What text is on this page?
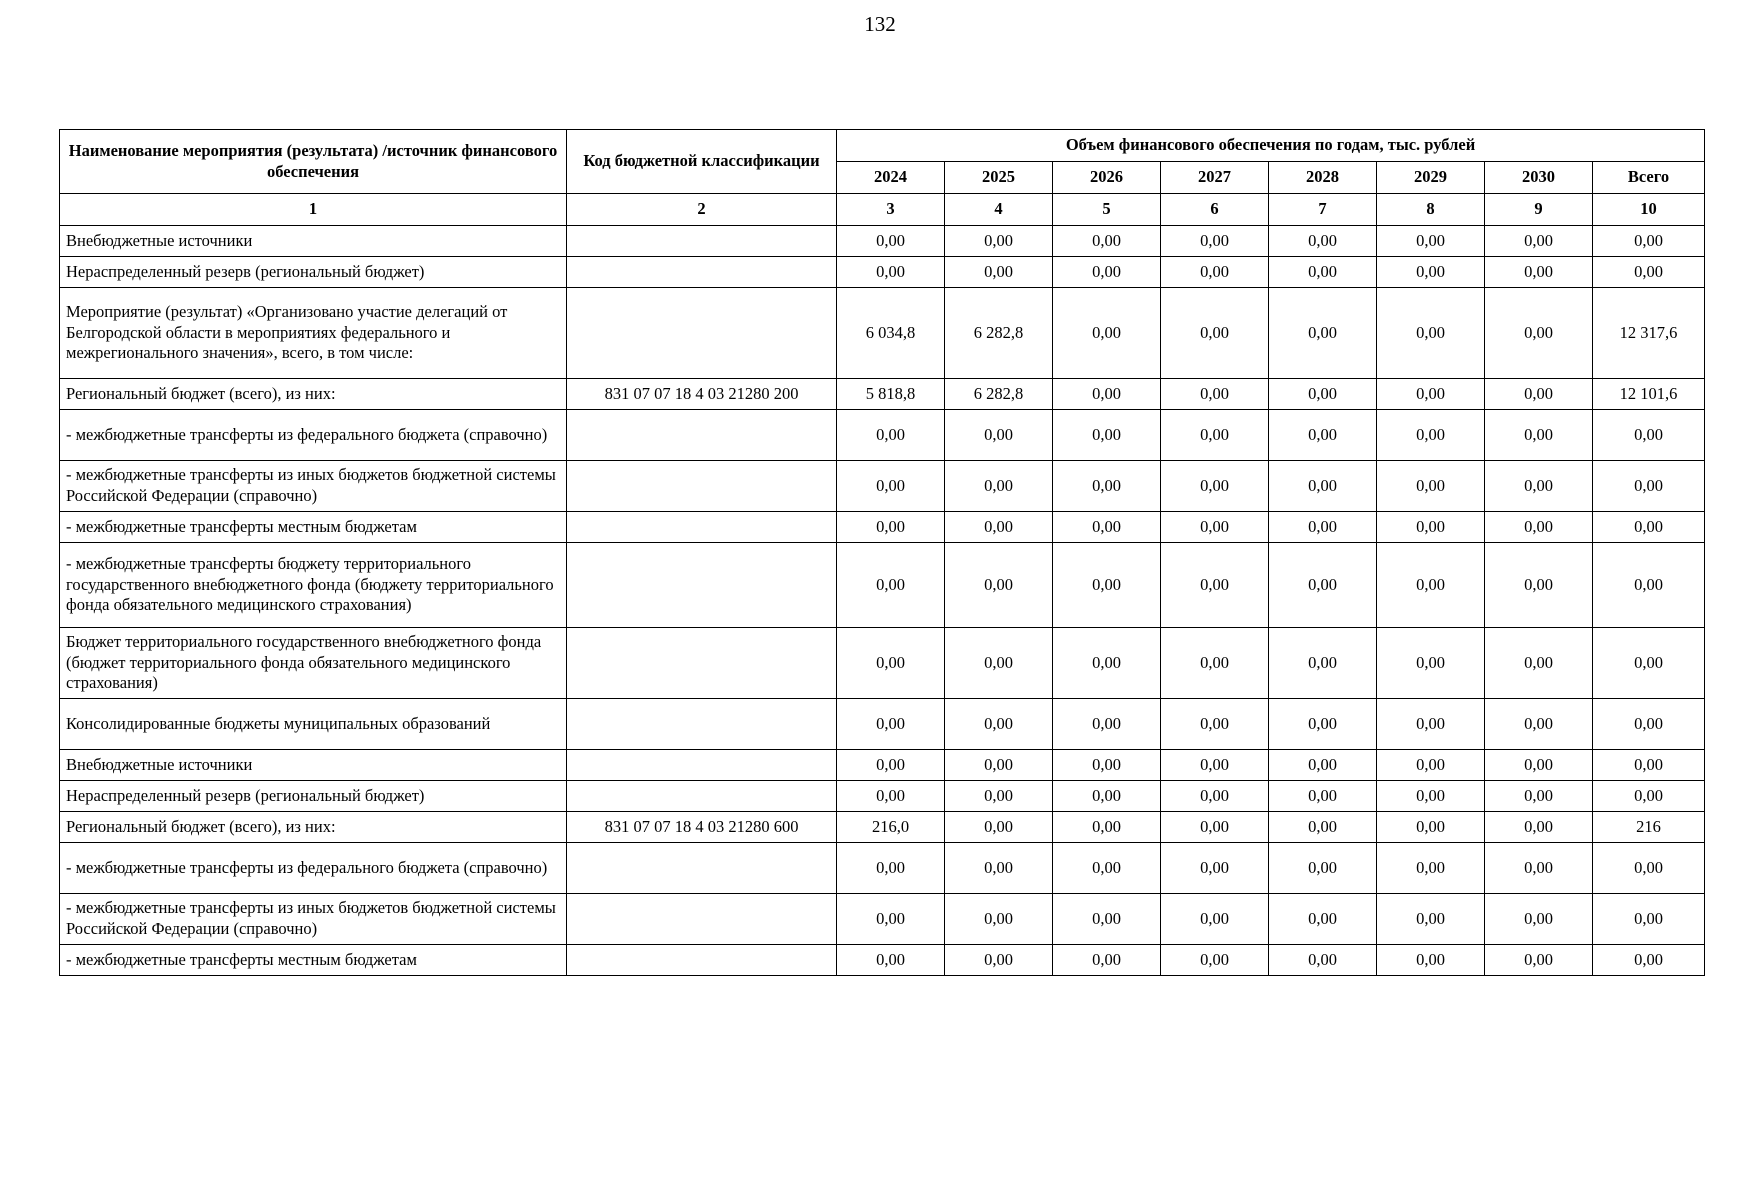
132
Наименование мероприятия (результата) /источник финансового обеспечения	Код бюджетной классификации	Объем финансового обеспечения по годам, тыс. рублей							
		2024	2025	2026	2027	2028	2029	2030	Всего
1	2	3	4	5	6	7	8	9	10
Внебюджетные источники		0,00	0,00	0,00	0,00	0,00	0,00	0,00	0,00
Нераспределенный резерв (региональный бюджет)		0,00	0,00	0,00	0,00	0,00	0,00	0,00	0,00
Мероприятие (результат) «Организовано участие делегаций от Белгородской области в мероприятиях федерального и межрегионального значения», всего, в том числе:		6 034,8	6 282,8	0,00	0,00	0,00	0,00	0,00	12 317,6
Региональный бюджет (всего), из них:	831 07 07 18 4 03 21280 200	5 818,8	6 282,8	0,00	0,00	0,00	0,00	0,00	12 101,6
- межбюджетные трансферты из федерального бюджета (справочно)		0,00	0,00	0,00	0,00	0,00	0,00	0,00	0,00
- межбюджетные трансферты из иных бюджетов бюджетной системы Российской Федерации (справочно)		0,00	0,00	0,00	0,00	0,00	0,00	0,00	0,00
- межбюджетные трансферты местным бюджетам		0,00	0,00	0,00	0,00	0,00	0,00	0,00	0,00
- межбюджетные трансферты бюджету территориального государственного внебюджетного фонда (бюджету территориального фонда обязательного медицинского страхования)		0,00	0,00	0,00	0,00	0,00	0,00	0,00	0,00
Бюджет территориального государственного внебюджетного фонда (бюджет территориального фонда обязательного медицинского страхования)		0,00	0,00	0,00	0,00	0,00	0,00	0,00	0,00
Консолидированные бюджеты муниципальных образований		0,00	0,00	0,00	0,00	0,00	0,00	0,00	0,00
Внебюджетные источники		0,00	0,00	0,00	0,00	0,00	0,00	0,00	0,00
Нераспределенный резерв (региональный бюджет)		0,00	0,00	0,00	0,00	0,00	0,00	0,00	0,00
Региональный бюджет (всего), из них:	831 07 07 18 4 03 21280 600	216,0	0,00	0,00	0,00	0,00	0,00	0,00	216
- межбюджетные трансферты из федерального бюджета (справочно)		0,00	0,00	0,00	0,00	0,00	0,00	0,00	0,00
- межбюджетные трансферты из иных бюджетов бюджетной системы Российской Федерации (справочно)		0,00	0,00	0,00	0,00	0,00	0,00	0,00	0,00
- межбюджетные трансферты местным бюджетам		0,00	0,00	0,00	0,00	0,00	0,00	0,00	0,00
